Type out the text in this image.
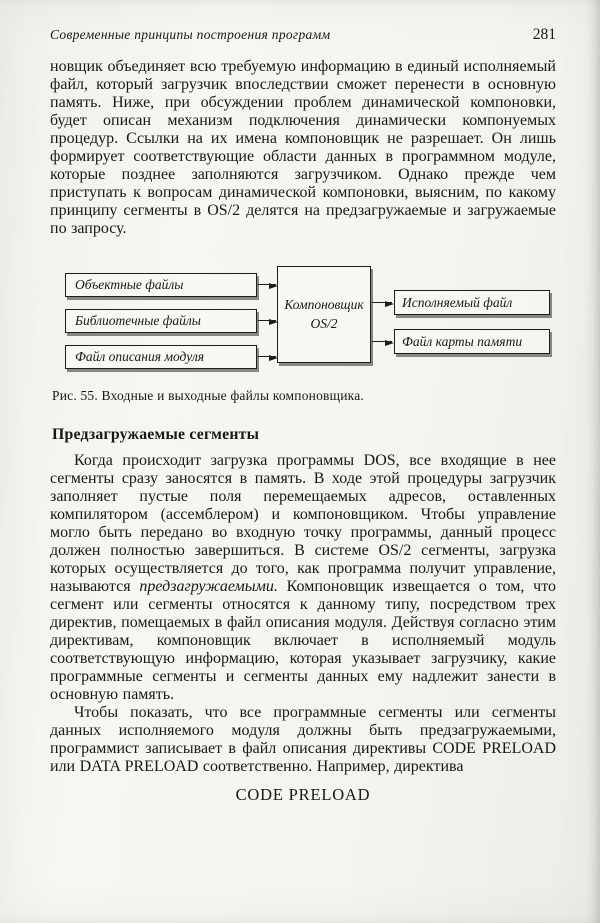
Современные принципы построения программ	281

новщик объединяет всю требуемую информацию в единый исполняемый файл, который загрузчик впоследствии сможет перенести в основную память. Ниже, при обсуждении проблем динамической компоновки, будет описан механизм подключения динамически компонуемых процедур. Ссылки на их имена компоновщик не разрешает. Он лишь формирует соответствующие области данных в программном модуле, которые позднее заполняются загрузчиком. Однако прежде чем приступать к вопросам динамической компоновки, выясним, по какому принципу сегменты в OS/2 делятся на предзагружаемые и загружаемые по запросу.

Объектные файлы
Библиотечные файлы
Файл описания модуля
Компоновщик
OS/2
Исполняемый файл
Файл карты памяти

Рис. 55. Входные и выходные файлы компоновщика.

Предзагружаемые сегменты

Когда происходит загрузка программы DOS, все входящие в нее сегменты сразу заносятся в память. В ходе этой процедуры загрузчик заполняет пустые поля перемещаемых адресов, оставленных компилятором (ассемблером) и компоновщиком. Чтобы управление могло быть передано во входную точку программы, данный процесс должен полностью завершиться. В системе OS/2 сегменты, загрузка которых осуществляется до того, как программа получит управление, называются предзагружаемыми. Компоновщик извещается о том, что сегмент или сегменты относятся к данному типу, посредством трех директив, помещаемых в файл описания модуля. Действуя согласно этим директивам, компоновщик включает в исполняемый модуль соответствующую информацию, которая указывает загрузчику, какие программные сегменты и сегменты данных ему надлежит занести в основную память.

Чтобы показать, что все программные сегменты или сегменты данных исполняемого модуля должны быть предзагружаемыми, программист записывает в файл описания директивы CODE PRELOAD или DATA PRELOAD соответственно. Например, директива

CODE PRELOAD
